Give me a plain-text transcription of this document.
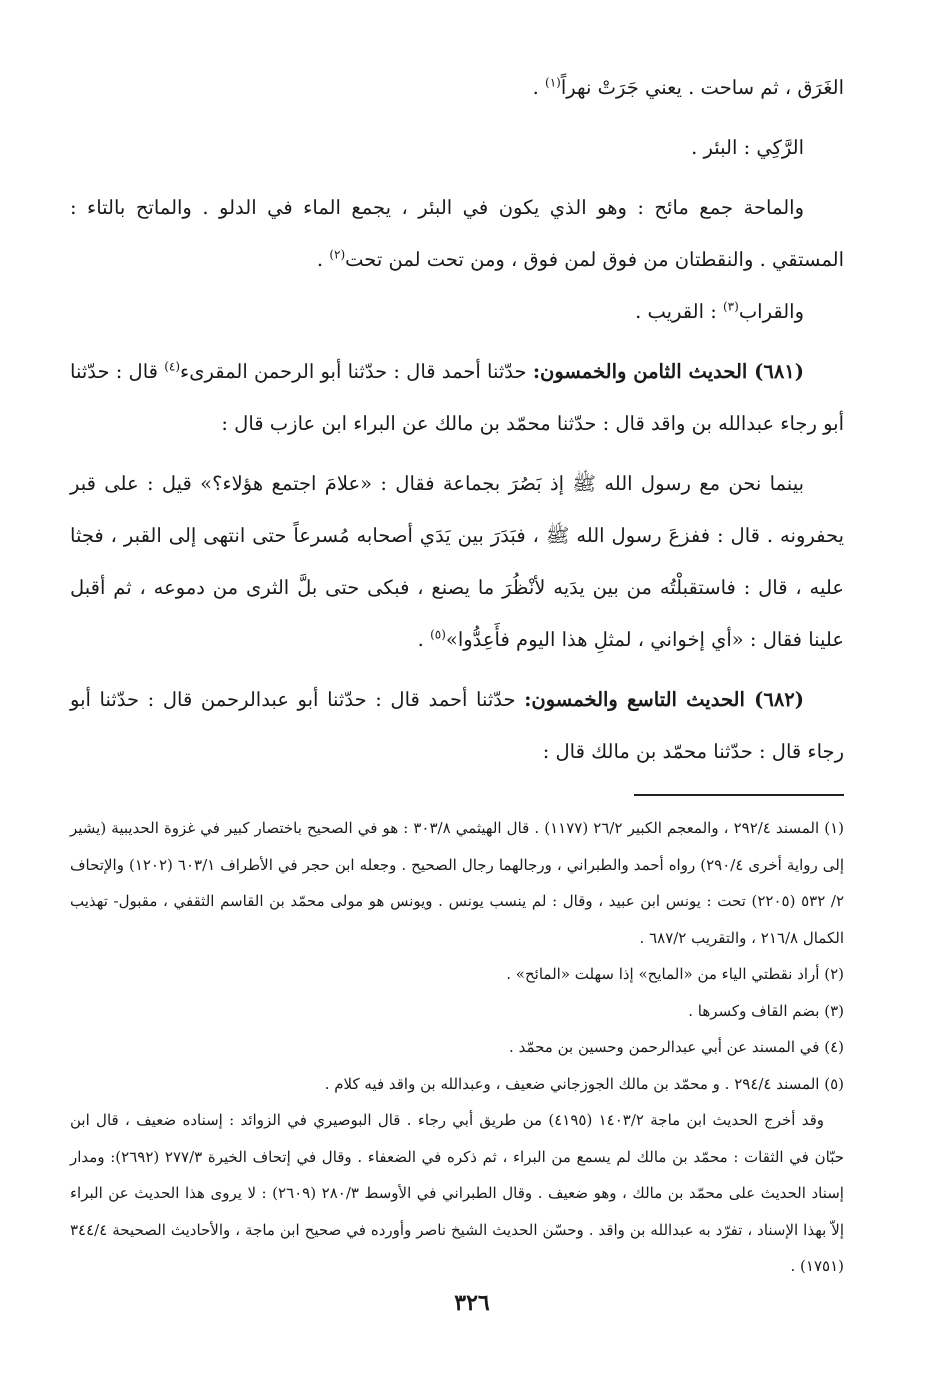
الغَرَق ، ثم ساحت . يعني جَرَتْ نهراً$^{(١)}$ .

الرَّكِي : البئر .

والماحة جمع مائح : وهو الذي يكون في البئر ، يجمع الماء في الدلو . والماتح بالتاء : المستقي . والنقطتان من فوق لمن فوق ، ومن تحت لمن تحت$^{(٢)}$ .

والقراب$^{(٣)}$ : القريب .

(٦٨١) الحديث الثامن والخمسون: حدّثنا أحمد قال : حدّثنا أبو الرحمن المقرىء$^{(٤)}$ قال : حدّثنا أبو رجاء عبدالله بن واقد قال : حدّثنا محمّد بن مالك عن البراء ابن عازب قال :

بينما نحن مع رسول الله ﷺ إذ بَصُرَ بجماعة فقال : «علامَ اجتمع هؤلاء؟» قيل : على قبر يحفرونه . قال : ففزعَ رسول الله ﷺ ، فبَدَرَ بين يَدَي أصحابه مُسرعاً حتى انتهى إلى القبر ، فجثا عليه ، قال : فاستقبلْتُه من بين يدَيه لأنْظُرَ ما يصنع ، فبكى حتى بلَّ الثرى من دموعه ، ثم أقبل علينا فقال : «أي إخواني ، لمثلِ هذا اليوم فأَعِدُّوا»$^{(٥)}$ .

(٦٨٢) الحديث التاسع والخمسون: حدّثنا أحمد قال : حدّثنا أبو عبدالرحمن قال : حدّثنا أبو رجاء قال : حدّثنا محمّد بن مالك قال :

(١) المسند ٢٩٢/٤ ، والمعجم الكبير ٢٦/٢ (١١٧٧) . قال الهيثمي ٣٠٣/٨ : هو في الصحيح باختصار كبير في غزوة الحديبية (يشير إلى رواية أخرى ٢٩٠/٤) رواه أحمد والطبراني ، ورجالهما رجال الصحيح . وجعله ابن حجر في الأطراف ٦٠٣/١ (١٢٠٢) والإتحاف ٢/ ٥٣٢ (٢٢٠٥) تحت : يونس ابن عبيد ، وقال : لم ينسب يونس . ويونس هو مولى محمّد بن القاسم الثقفي ، مقبول- تهذيب الكمال ٢١٦/٨ ، والتقريب ٦٨٧/٢ .

(٢) أراد نقطتي الياء من «المايح» إذا سهلت «المائح» .

(٣) بضم القاف وكسرها .

(٤) في المسند عن أبي عبدالرحمن وحسين بن محمّد .

(٥) المسند ٢٩٤/٤ . و محمّد بن مالك الجوزجاني ضعيف ، وعبدالله بن واقد فيه كلام .

وقد أخرج الحديث ابن ماجة ١٤٠٣/٢ (٤١٩٥) من طريق أبي رجاء . قال البوصيري في الزوائد : إسناده ضعيف ، قال ابن حبّان في الثقات : محمّد بن مالك لم يسمع من البراء ، ثم ذكره في الضعفاء . وقال في إتحاف الخيرة ٢٧٧/٣ (٢٦٩٢): ومدار إسناد الحديث على محمّد بن مالك ، وهو ضعيف . وقال الطبراني في الأوسط ٢٨٠/٣ (٢٦٠٩) : لا يروى هذا الحديث عن البراء إلاّ بهذا الإسناد ، تفرّد به عبدالله بن واقد . وحسّن الحديث الشيخ ناصر وأورده في صحيح ابن ماجة ، والأحاديث الصحيحة ٣٤٤/٤ (١٧٥١) .

٣٢٦
